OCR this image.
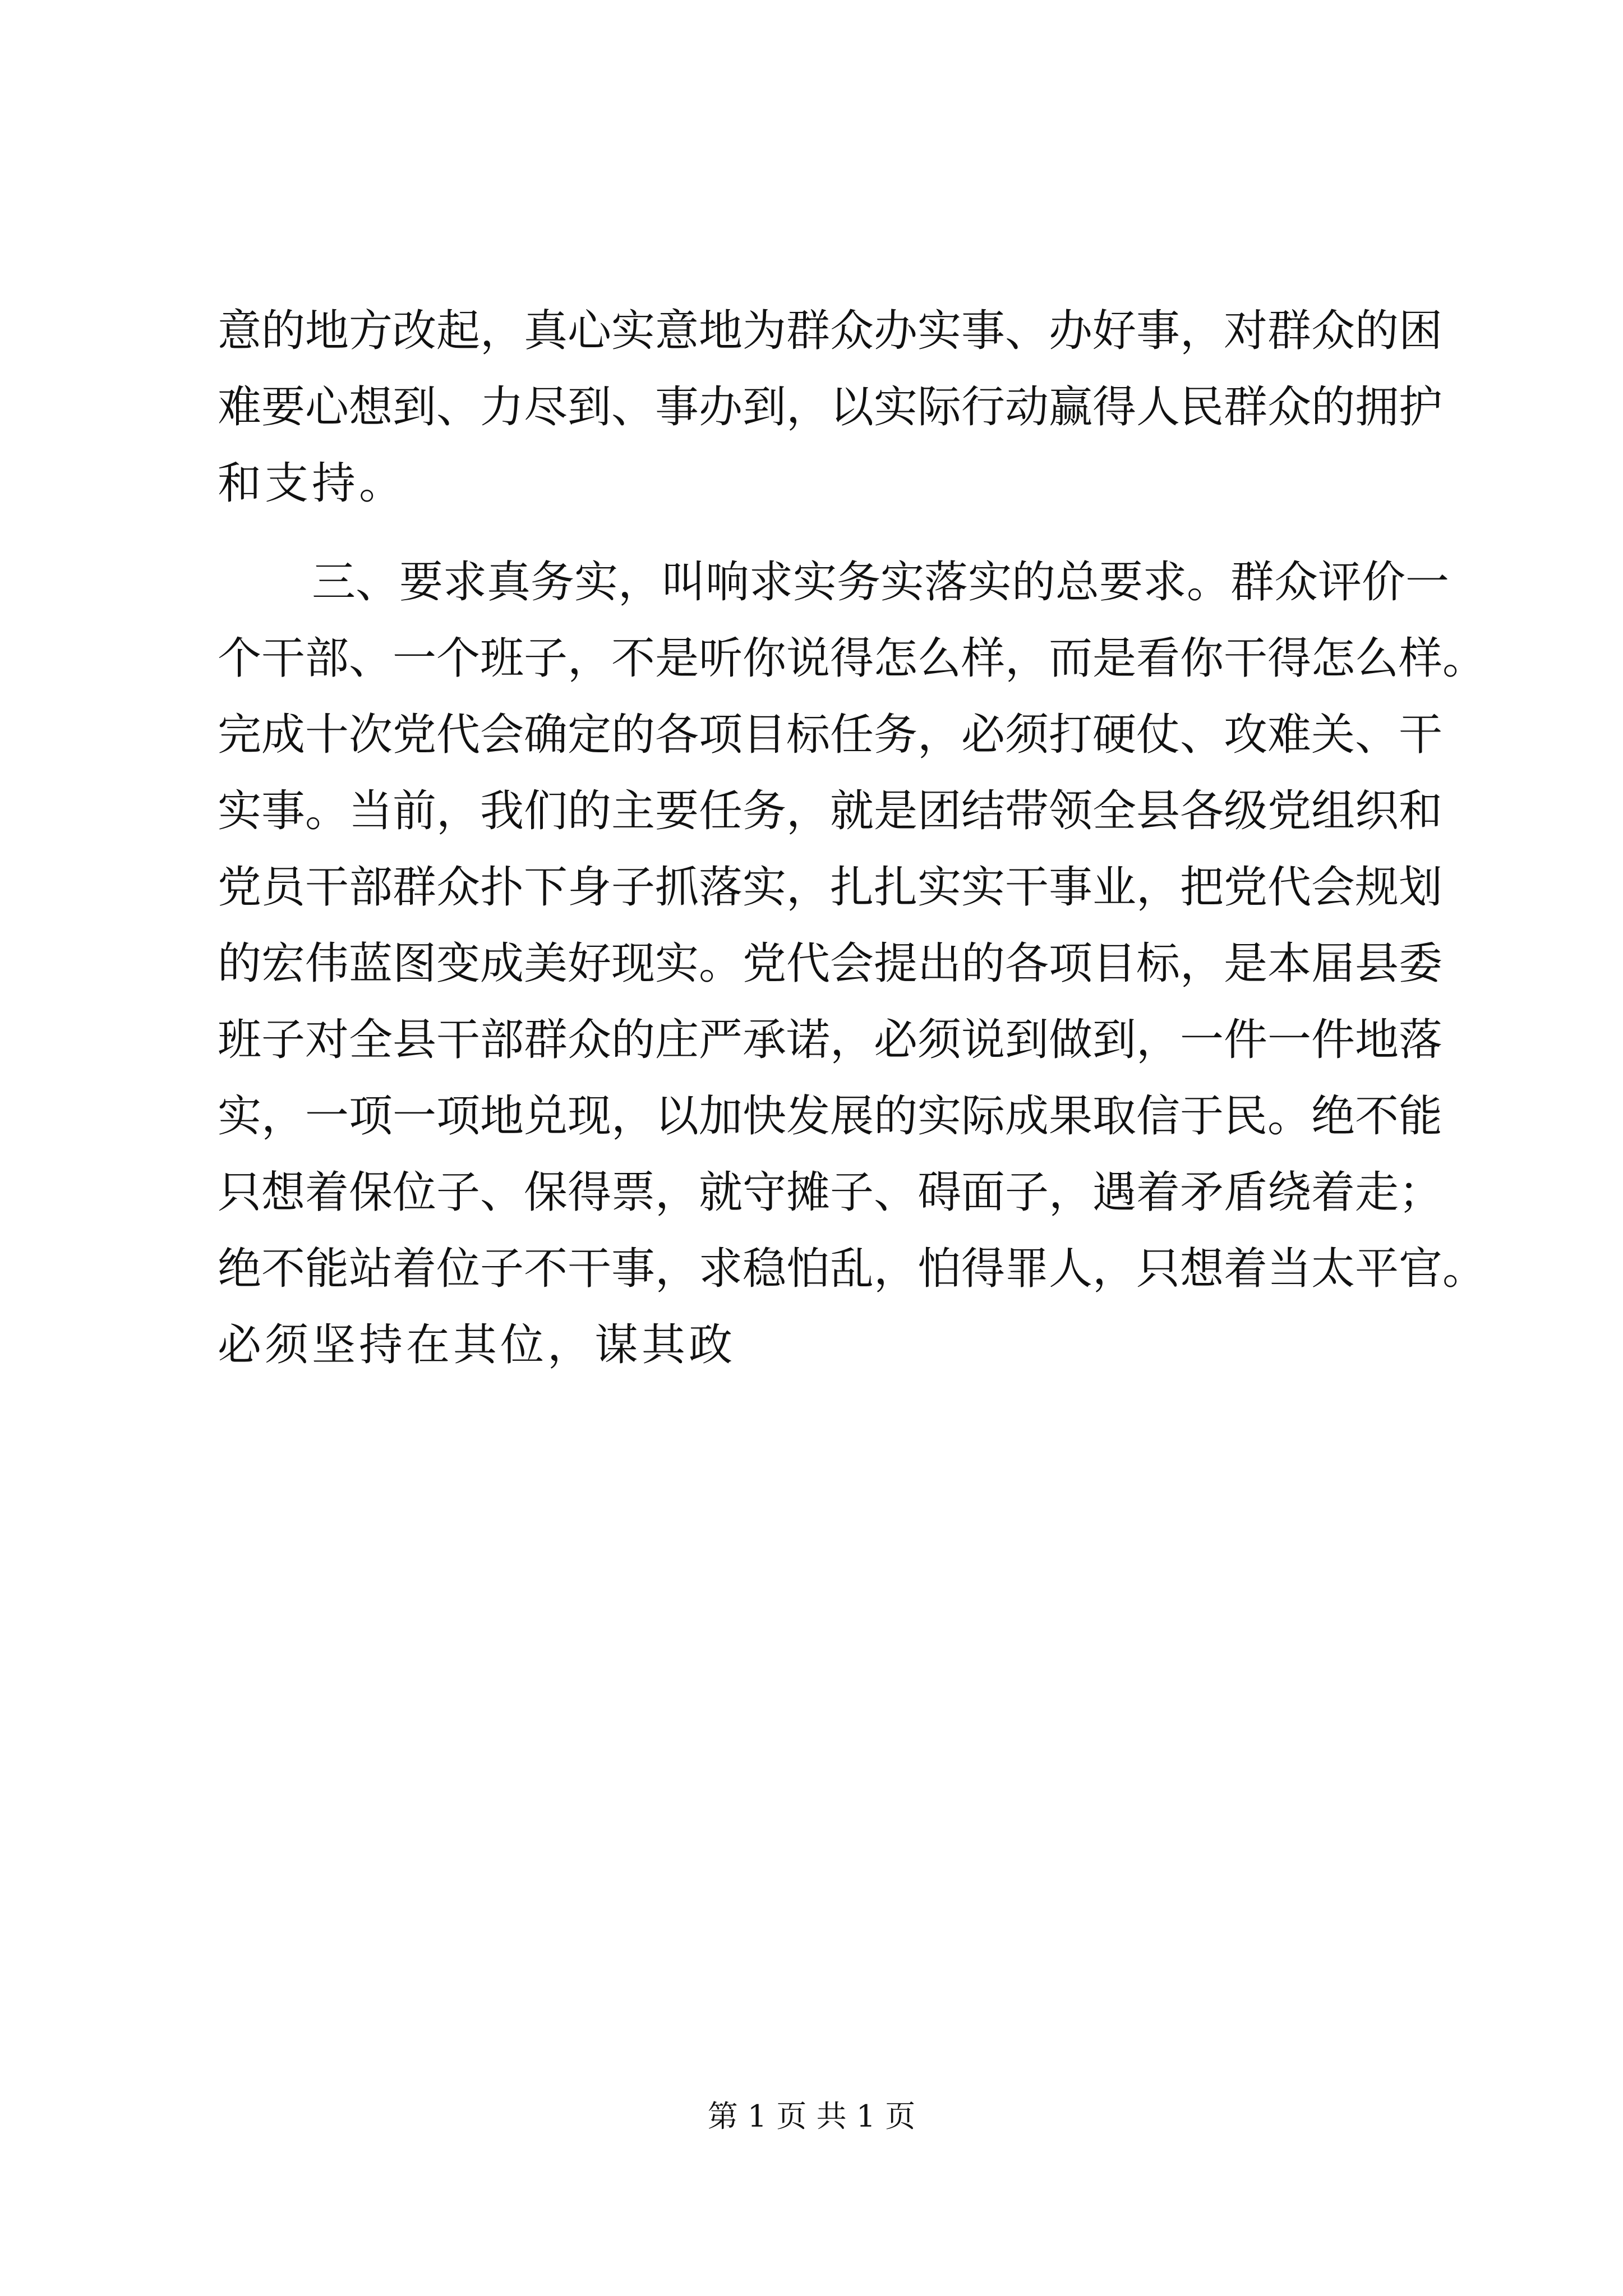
意的地方改起，真心实意地为群众办实事、办好事，对群众的困
难要心想到、力尽到、事办到，以实际行动赢得人民群众的拥护
和支持。
三、要求真务实，叫响求实务实落实的总要求。群众评价一
个干部、一个班子，不是听你说得怎么样，而是看你干得怎么样。
完成十次党代会确定的各项目标任务，必须打硬仗、攻难关、干
实事。当前，我们的主要任务，就是团结带领全县各级党组织和
党员干部群众扑下身子抓落实，扎扎实实干事业，把党代会规划
的宏伟蓝图变成美好现实。党代会提出的各项目标，是本届县委
班子对全县干部群众的庄严承诺，必须说到做到，一件一件地落
实，一项一项地兑现，以加快发展的实际成果取信于民。绝不能
只想着保位子、保得票，就守摊子、碍面子，遇着矛盾绕着走；
绝不能站着位子不干事，求稳怕乱，怕得罪人，只想着当太平官。
必须坚持在其位，谋其政
第 1 页 共 1 页
